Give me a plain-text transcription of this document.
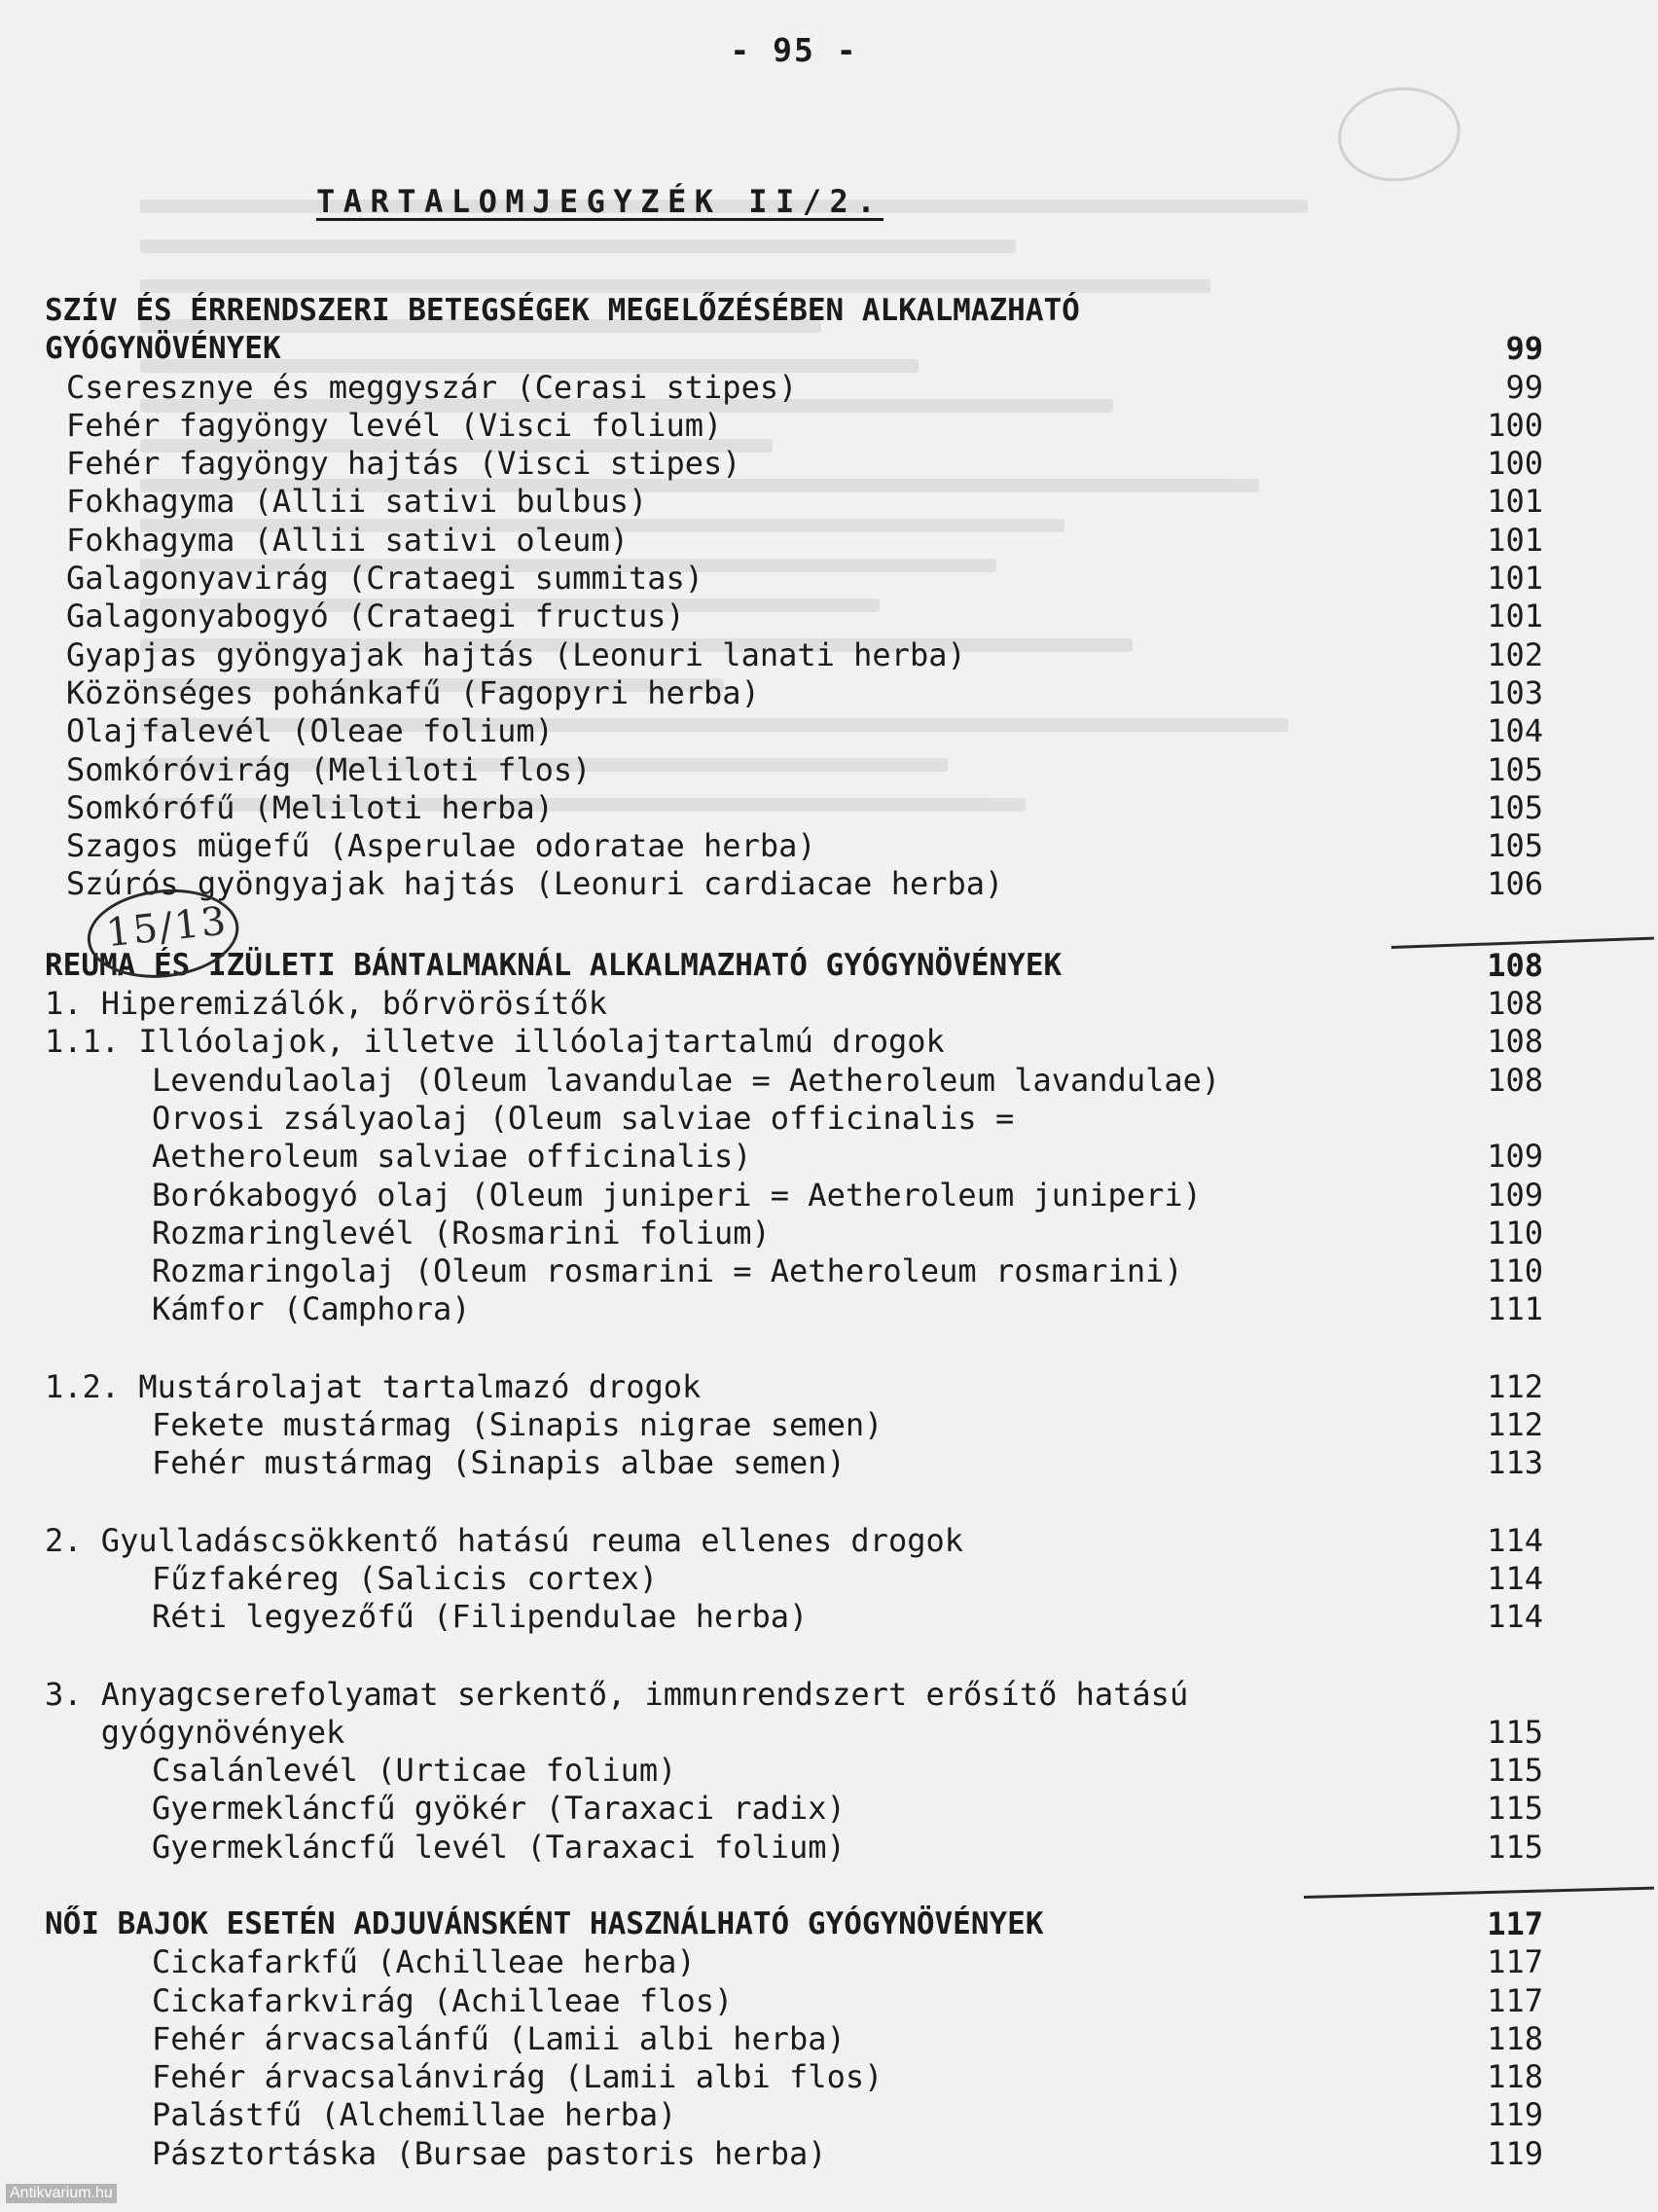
- 95 -
TARTALOMJEGYZÉK II/2.
SZÍV ÉS ÉRRENDSZERI BETEGSÉGEK MEGELŐZÉSÉBEN ALKALMAZHATÓ
GYÓGYNÖVÉNYEK	99
Cseresznye és meggyszár (Cerasi stipes)	99
Fehér fagyöngy levél (Visci folium)	100
Fehér fagyöngy hajtás (Visci stipes)	100
Fokhagyma (Allii sativi bulbus)	101
Fokhagyma (Allii sativi oleum)	101
Galagonyavirág (Crataegi summitas)	101
Galagonyabogyó (Crataegi fructus)	101
Gyapjas gyöngyajak hajtás (Leonuri lanati herba)	102
Közönséges pohánkafű (Fagopyri herba)	103
Olajfalevél (Oleae folium)	104
Somkóróvirág (Meliloti flos)	105
Somkórófű (Meliloti herba)	105
Szagos mügefű (Asperulae odoratae herba)	105
Szúrós gyöngyajak hajtás (Leonuri cardiacae herba)	106
REUMA ÉS IZÜLETI BÁNTALMAKNÁL ALKALMAZHATÓ GYÓGYNÖVÉNYEK	108
1. Hiperemizálók, bőrvörösítők	108
1.1. Illóolajok, illetve illóolajtartalmú drogok	108
Levendulaolaj (Oleum lavandulae = Aetheroleum lavandulae)	108
Orvosi zsályaolaj (Oleum salviae officinalis =
Aetheroleum salviae officinalis)	109
Borókabogyó olaj (Oleum juniperi = Aetheroleum juniperi)	109
Rozmaringlevél (Rosmarini folium)	110
Rozmaringolaj (Oleum rosmarini = Aetheroleum rosmarini)	110
Kámfor (Camphora)	111
1.2. Mustárolajat tartalmazó drogok	112
Fekete mustármag (Sinapis nigrae semen)	112
Fehér mustármag (Sinapis albae semen)	113
2. Gyulladáscsökkentő hatású reuma ellenes drogok	114
Fűzfakéreg (Salicis cortex)	114
Réti legyezőfű (Filipendulae herba)	114
3. Anyagcserefolyamat serkentő, immunrendszert erősítő hatású
gyógynövények	115
Csalánlevél (Urticae folium)	115
Gyermekláncfű gyökér (Taraxaci radix)	115
Gyermekláncfű levél (Taraxaci folium)	115
NŐI BAJOK ESETÉN ADJUVÁNSKÉNT HASZNÁLHATÓ GYÓGYNÖVÉNYEK	117
Cickafarkfű (Achilleae herba)	117
Cickafarkvirág (Achilleae flos)	117
Fehér árvacsalánfű (Lamii albi herba)	118
Fehér árvacsalánvirág (Lamii albi flos)	118
Palástfű (Alchemillae herba)	119
Pásztortáska (Bursae pastoris herba)	119
15/13
Antikvarium.hu
